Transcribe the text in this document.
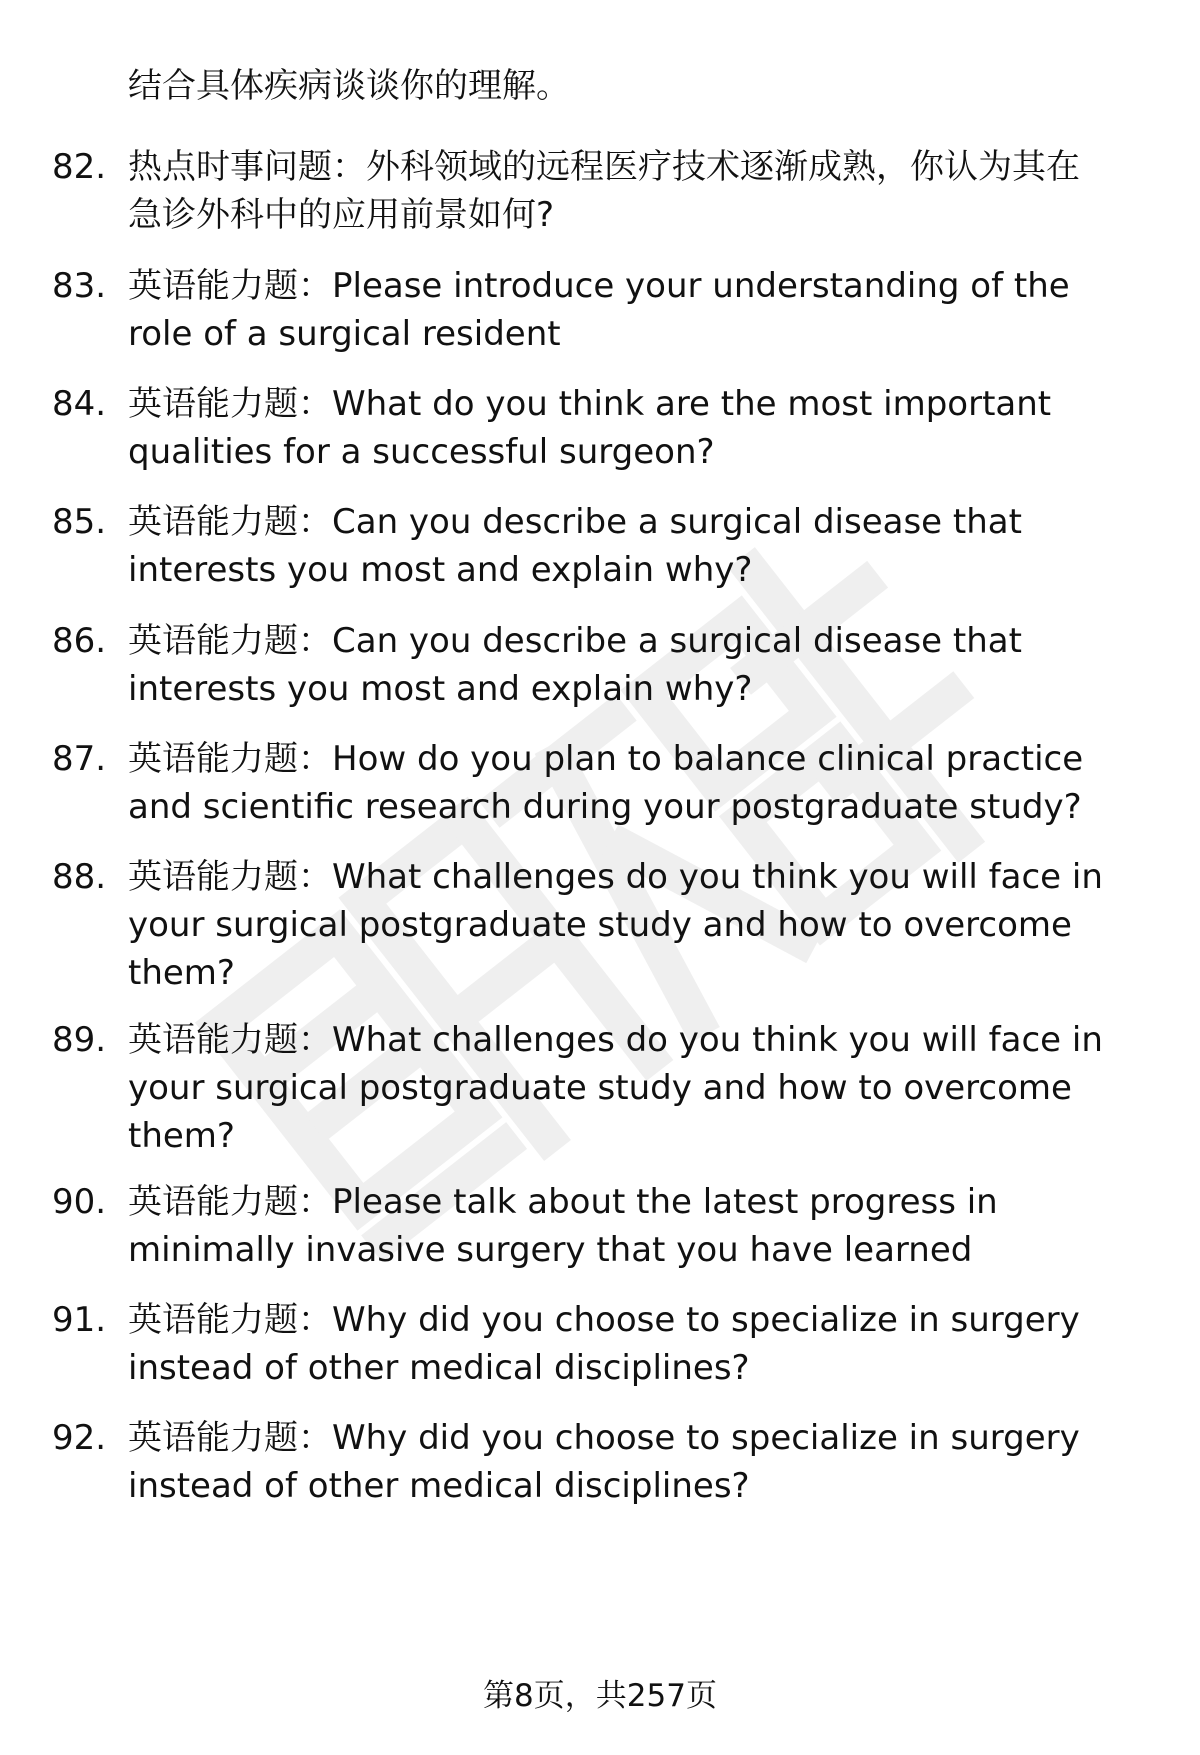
结合具体疾病谈谈你的理解。
82. 热点时事问题：外科领域的远程医疗技术逐渐成熟，你认为其在
急诊外科中的应用前景如何?
83. 英语能力题：Please introduce your understanding of the
role of a surgical resident
84. 英语能力题：What do you think are the most important
qualities for a successful surgeon?
85. 英语能力题：Can you describe a surgical disease that
interests you most and explain why?
86. 英语能力题：Can you describe a surgical disease that
interests you most and explain why?
87. 英语能力题：How do you plan to balance clinical practice
and scientific research during your postgraduate study?
88. 英语能力题：What challenges do you think you will face in
your surgical postgraduate study and how to overcome
them?
89. 英语能力题：What challenges do you think you will face in
your surgical postgraduate study and how to overcome
them?
90. 英语能力题：Please talk about the latest progress in
minimally invasive surgery that you have learned
91. 英语能力题：Why did you choose to specialize in surgery
instead of other medical disciplines?
92. 英语能力题：Why did you choose to specialize in surgery
instead of other medical disciplines?
第8页，共257页
